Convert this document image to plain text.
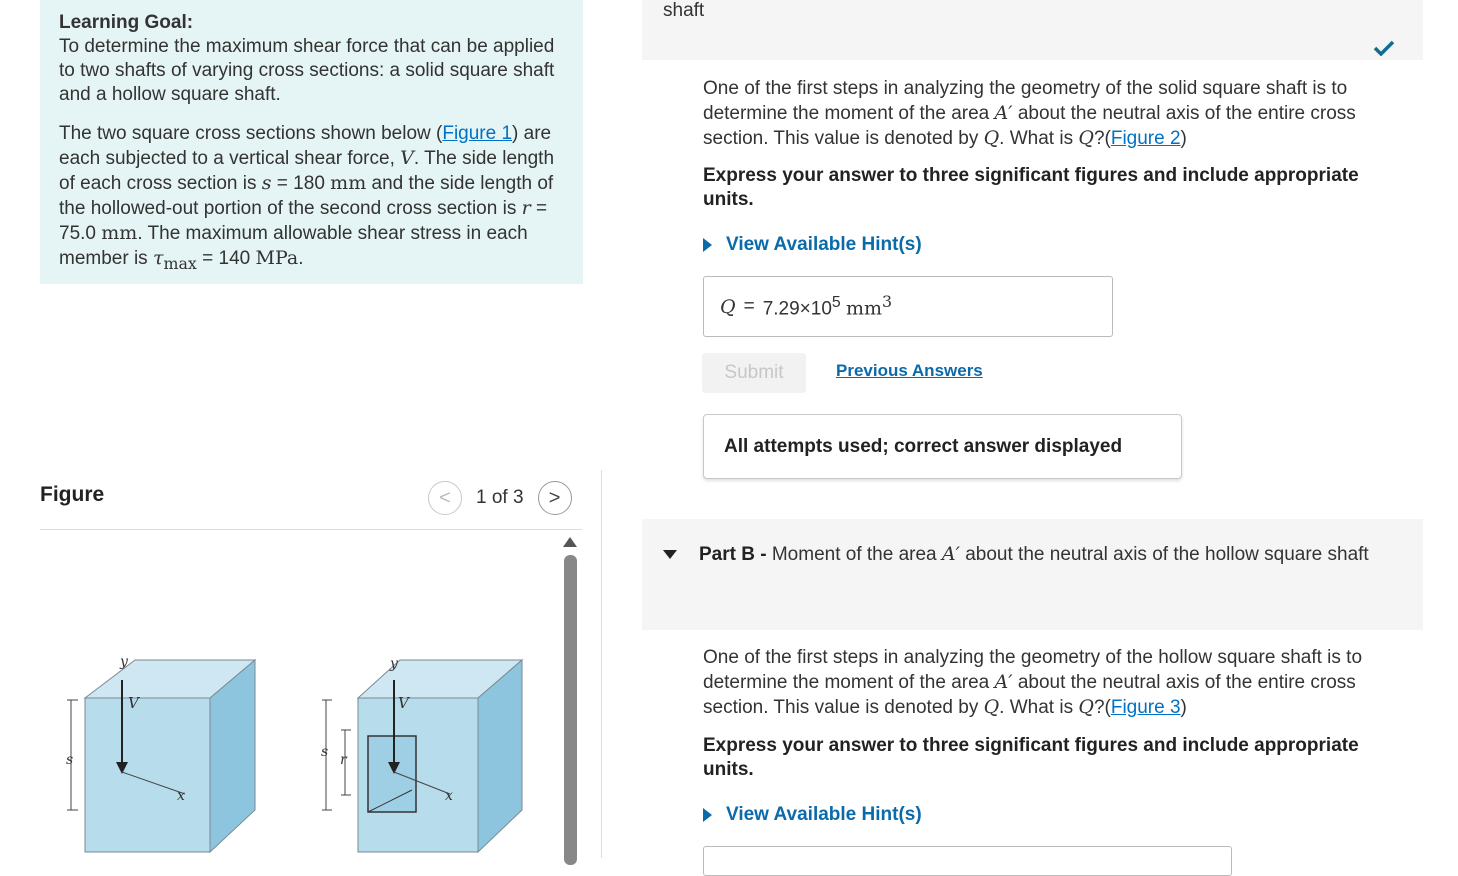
Learning Goal:
To determine the maximum shear force that can be applied to two shafts of varying cross sections: a solid square shaft and a hollow square shaft.

The two square cross sections shown below (Figure 1) are each subjected to a vertical shear force, V. The side length of each cross section is s = 180 mm and the side length of the hollowed-out portion of the second cross section is r = 75.0 mm. The maximum allowable shear stress in each member is $\tau_{max} = 140$ MPa.

Figure	<	1 of 3	>
y
V
x
s
y
V
x
s r
shaft

One of the first steps in analyzing the geometry of the solid square shaft is to determine the moment of the area A′ about the neutral axis of the entire cross section. This value is denoted by Q. What is Q?(Figure 2)

Express your answer to three significant figures and include appropriate units.

View Available Hint(s)
$Q = 7.29\times 10^5$ $mm^3$
Submit	Previous Answers
All attempts used; correct answer displayed
Part B - Moment of the area A′ about the neutral axis of the hollow square shaft

One of the first steps in analyzing the geometry of the hollow square shaft is to determine the moment of the area A′ about the neutral axis of the entire cross section. This value is denoted by Q. What is Q?(Figure 3)

Express your answer to three significant figures and include appropriate units.

View Available Hint(s)
